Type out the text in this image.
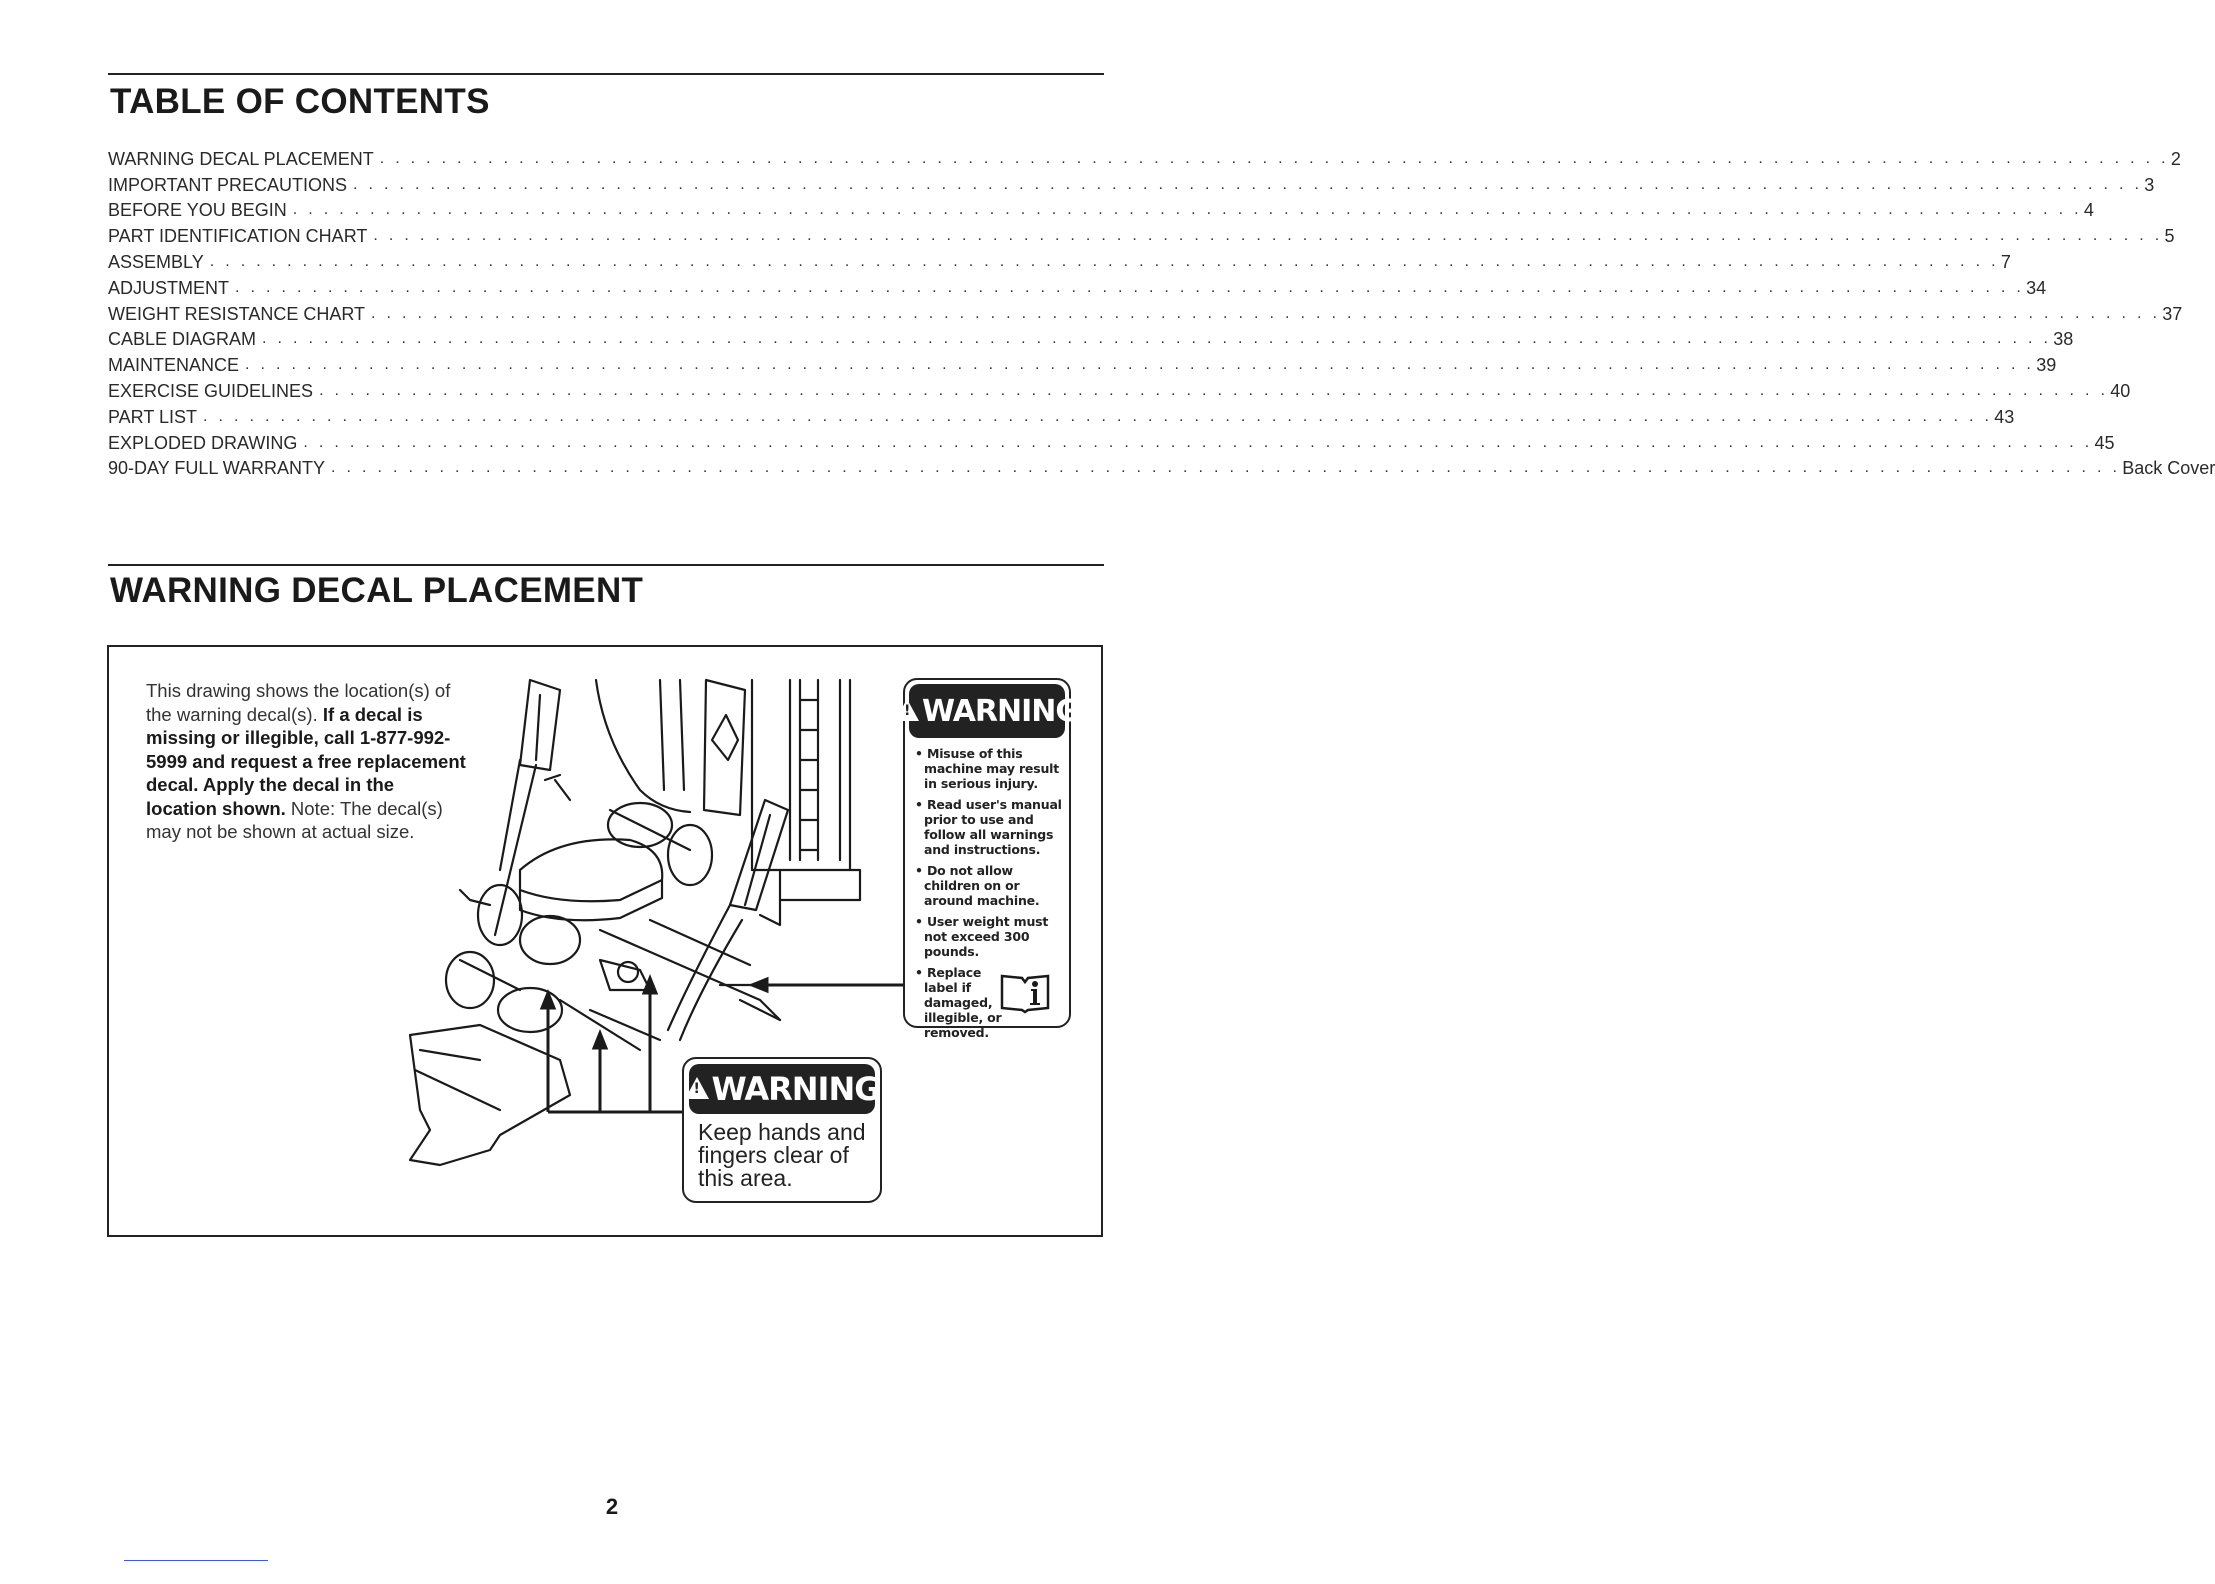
TABLE OF CONTENTS
WARNING DECAL PLACEMENT . . .	2
IMPORTANT PRECAUTIONS . . .	3
BEFORE YOU BEGIN . . .	4
PART IDENTIFICATION CHART . . .	5
ASSEMBLY . . .	7
ADJUSTMENT . . .	34
WEIGHT RESISTANCE CHART . . .	37
CABLE DIAGRAM . . .	38
MAINTENANCE . . .	39
EXERCISE GUIDELINES . . .	40
PART LIST . . .	43
EXPLODED DRAWING . . .	45
90-DAY FULL WARRANTY . . .	Back Cover
WARNING DECAL PLACEMENT
This drawing shows the location(s) of the warning decal(s). If a decal is missing or illegible, call 1-877-992-5999 and request a free replacement decal. Apply the decal in the location shown. Note: The decal(s) may not be shown at actual size.
!
WARNING
• Misuse of this machine may result in serious injury.
• Read user's manual prior to use and follow all warnings and instructions.
• Do not allow children on or around machine.
• User weight must not exceed 300 pounds.
• Replace label if damaged, illegible, or removed.
!
WARNING
Keep hands and fingers clear of this area.
2
